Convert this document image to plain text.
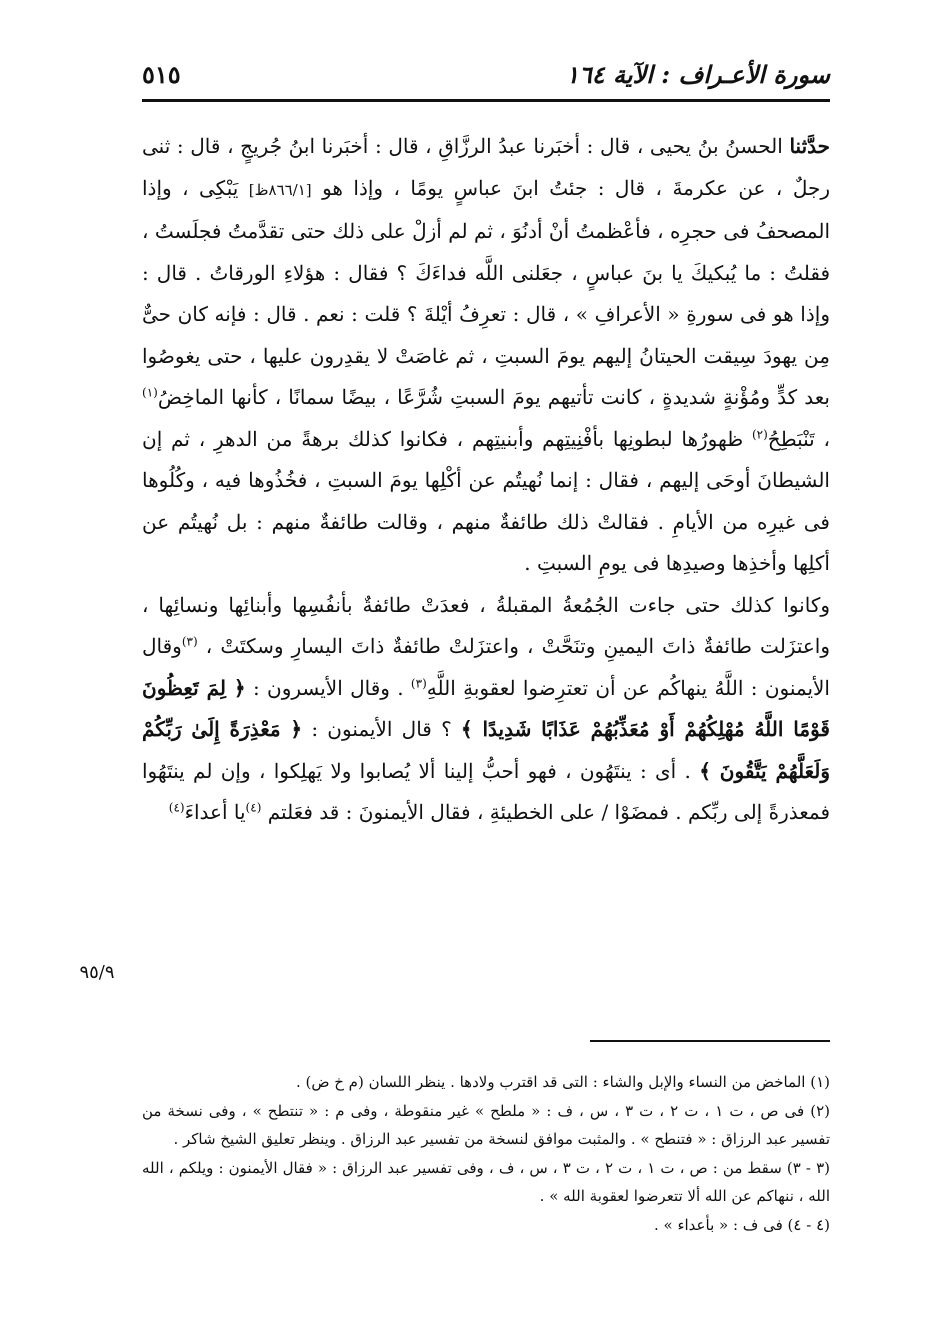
سورة الأعـراف : الآية ١٦٤
٥١٥

حدَّثنا الحسنُ بنُ يحيى ، قال : أخبَرنا عبدُ الرزَّاقِ ، قال : أخبَرنا ابنُ جُريجٍ ، قال : ثنى رجلٌ ، عن عكرمةَ ، قال : جئتُ ابنَ عباسٍ يومًا ، وإذا هو [٨٦٦/١ظ] يَبْكِى ، وإذا المصحفُ فى حجرِه ، فأعْظمتُ أنْ أدنُوَ ، ثم لم أزلْ على ذلك حتى تقدَّمتُ فجلَستُ ، فقلتُ : ما يُبكيكَ يا بنَ عباسٍ ، جعَلنى اللَّه فداءَكَ ؟ فقال : هؤلاءِ الورقاتُ . قال : وإذا هو فى سورةِ « الأعرافِ » ، قال : تعرِفُ أيْلةَ ؟ قلت : نعم . قال : فإنه كان حىٌّ مِن يهودَ سِيقت الحيتانُ إليهم يومَ السبتِ ، ثم غاصَتْ لا يقدِرون عليها ، حتى يغوصُوا بعد كدٍّ ومُؤْنةٍ شديدةٍ ، كانت تأتيهم يومَ السبتِ شُرَّعًا ، بيضًا سمانًا ، كأنها الماخِضُ$^{(١)}$ ، تَنْبَطِحُ$^{(٢)}$ ظهورُها لبطونِها بأفْنِيتِهم وأبنيتِهم ، فكانوا كذلك برهةً من الدهرِ ، ثم إن الشيطانَ أوحَى إليهم ، فقال : إنما نُهيتُم عن أكْلِها يومَ السبتِ ، فخُذُوها فيه ، وكُلُوها فى غيرِه من الأيامِ . فقالتْ ذلك طائفةٌ منهم ، وقالت طائفةٌ منهم : بل نُهيتُم عن أكلِها وأخذِها وصيدِها فى يومِ السبتِ .

وكانوا كذلك حتى جاءت الجُمُعةُ المقبلةُ ، فعدَتْ طائفةٌ بأنفُسِها وأبنائِها ونسائِها ، واعتزَلت طائفةٌ ذاتَ اليمينِ وتنَحَّتْ ، واعتزَلتْ طائفةٌ ذاتَ اليسارِ وسكتَتْ ، $^{(٣)}$وقال الأيمنون : اللَّهُ ينهاكُم عن أن تعترِضوا لعقوبةِ اللَّهِ$^{(٣)}$ . وقال الأيسرون : ﴿ لِمَ تَعِظُونَ قَوْمًا اللَّهُ مُهْلِكُهُمْ أَوْ مُعَذِّبُهُمْ عَذَابًا شَدِيدًا ﴾ ؟ قال الأيمنون : ﴿ مَعْذِرَةً إِلَىٰ رَبِّكُمْ وَلَعَلَّهُمْ يَتَّقُونَ ﴾ . أى : ينتَهُون ، فهو أحبُّ إلينا ألا يُصابوا ولا يَهلِكوا ، وإن لم ينتَهُوا فمعذرةً إلى ربِّكم . فمضَوْا / على الخطيئةِ ، فقال الأيمنونَ : قد فعَلتم $^{(٤)}$يا أعداءَ$^{(٤)}$

٩٥/٩

(١) الماخض من النساء والإبل والشاء : التى قد اقترب ولادها . ينظر اللسان (م خ ض) .

(٢) فى ص ، ت ١ ، ت ٢ ، ت ٣ ، س ، ف : « ملطح » غير منقوطة ، وفى م : « تنتطح » ، وفى نسخة من تفسير عبد الرزاق : « فتنطح » . والمثبت موافق لنسخة من تفسير عبد الرزاق . وينظر تعليق الشيخ شاكر .

(٣ - ٣) سقط من : ص ، ت ١ ، ت ٢ ، ت ٣ ، س ، ف ، وفى تفسير عبد الرزاق : « فقال الأيمنون : ويلكم ، الله الله ، ننهاكم عن الله ألا تتعرضوا لعقوبة الله » .

(٤ - ٤) فى ف : « بأعداء » .
